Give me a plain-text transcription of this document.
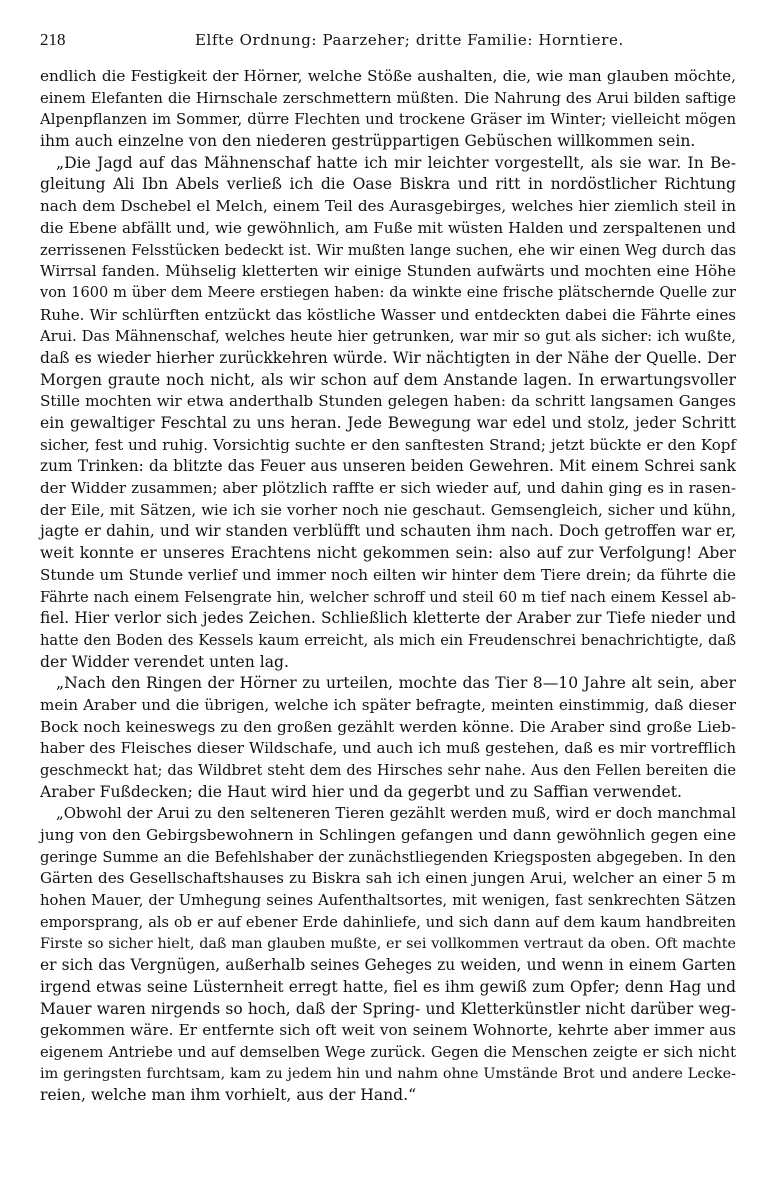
218	Elfte Ordnung: Paarzeher; dritte Familie: Horntiere.
endlich die Festigkeit der Hörner, welche Stöße aushalten, die, wie man glauben möchte,
einem Elefanten die Hirnschale zerschmettern müßten. Die Nahrung des Arui bilden saftige
Alpenpflanzen im Sommer, dürre Flechten und trockene Gräser im Winter; vielleicht mögen
ihm auch einzelne von den niederen gestrüppartigen Gebüschen willkommen sein.
„Die Jagd auf das Mähnenschaf hatte ich mir leichter vorgestellt, als sie war. In Be-
gleitung Ali Ibn Abels verließ ich die Oase Biskra und ritt in nordöstlicher Richtung
nach dem Dschebel el Melch, einem Teil des Aurasgebirges, welches hier ziemlich steil in
die Ebene abfällt und, wie gewöhnlich, am Fuße mit wüsten Halden und zerspaltenen und
zerrissenen Felsstücken bedeckt ist. Wir mußten lange suchen, ehe wir einen Weg durch das
Wirrsal fanden. Mühselig kletterten wir einige Stunden aufwärts und mochten eine Höhe
von 1600 m über dem Meere erstiegen haben: da winkte eine frische plätschernde Quelle zur
Ruhe. Wir schlürften entzückt das köstliche Wasser und entdeckten dabei die Fährte eines
Arui. Das Mähnenschaf, welches heute hier getrunken, war mir so gut als sicher: ich wußte,
daß es wieder hierher zurückkehren würde. Wir nächtigten in der Nähe der Quelle. Der
Morgen graute noch nicht, als wir schon auf dem Anstande lagen. In erwartungsvoller
Stille mochten wir etwa anderthalb Stunden gelegen haben: da schritt langsamen Ganges
ein gewaltiger Feschtal zu uns heran. Jede Bewegung war edel und stolz, jeder Schritt
sicher, fest und ruhig. Vorsichtig suchte er den sanftesten Strand; jetzt bückte er den Kopf
zum Trinken: da blitzte das Feuer aus unseren beiden Gewehren. Mit einem Schrei sank
der Widder zusammen; aber plötzlich raffte er sich wieder auf, und dahin ging es in rasen-
der Eile, mit Sätzen, wie ich sie vorher noch nie geschaut. Gemsengleich, sicher und kühn,
jagte er dahin, und wir standen verblüfft und schauten ihm nach. Doch getroffen war er,
weit konnte er unseres Erachtens nicht gekommen sein: also auf zur Verfolgung! Aber
Stunde um Stunde verlief und immer noch eilten wir hinter dem Tiere drein; da führte die
Fährte nach einem Felsengrate hin, welcher schroff und steil 60 m tief nach einem Kessel ab-
fiel. Hier verlor sich jedes Zeichen. Schließlich kletterte der Araber zur Tiefe nieder und
hatte den Boden des Kessels kaum erreicht, als mich ein Freudenschrei benachrichtigte, daß
der Widder verendet unten lag.
„Nach den Ringen der Hörner zu urteilen, mochte das Tier 8—10 Jahre alt sein, aber
mein Araber und die übrigen, welche ich später befragte, meinten einstimmig, daß dieser
Bock noch keineswegs zu den großen gezählt werden könne. Die Araber sind große Lieb-
haber des Fleisches dieser Wildschafe, und auch ich muß gestehen, daß es mir vortrefflich
geschmeckt hat; das Wildbret steht dem des Hirsches sehr nahe. Aus den Fellen bereiten die
Araber Fußdecken; die Haut wird hier und da gegerbt und zu Saffian verwendet.
„Obwohl der Arui zu den selteneren Tieren gezählt werden muß, wird er doch manchmal
jung von den Gebirgsbewohnern in Schlingen gefangen und dann gewöhnlich gegen eine
geringe Summe an die Befehlshaber der zunächstliegenden Kriegsposten abgegeben. In den
Gärten des Gesellschaftshauses zu Biskra sah ich einen jungen Arui, welcher an einer 5 m
hohen Mauer, der Umhegung seines Aufenthaltsortes, mit wenigen, fast senkrechten Sätzen
emporsprang, als ob er auf ebener Erde dahinliefe, und sich dann auf dem kaum handbreiten
Firste so sicher hielt, daß man glauben mußte, er sei vollkommen vertraut da oben. Oft machte
er sich das Vergnügen, außerhalb seines Geheges zu weiden, und wenn in einem Garten
irgend etwas seine Lüsternheit erregt hatte, fiel es ihm gewiß zum Opfer; denn Hag und
Mauer waren nirgends so hoch, daß der Spring- und Kletterkünstler nicht darüber weg-
gekommen wäre. Er entfernte sich oft weit von seinem Wohnorte, kehrte aber immer aus
eigenem Antriebe und auf demselben Wege zurück. Gegen die Menschen zeigte er sich nicht
im geringsten furchtsam, kam zu jedem hin und nahm ohne Umstände Brot und andere Lecke-
reien, welche man ihm vorhielt, aus der Hand.“
